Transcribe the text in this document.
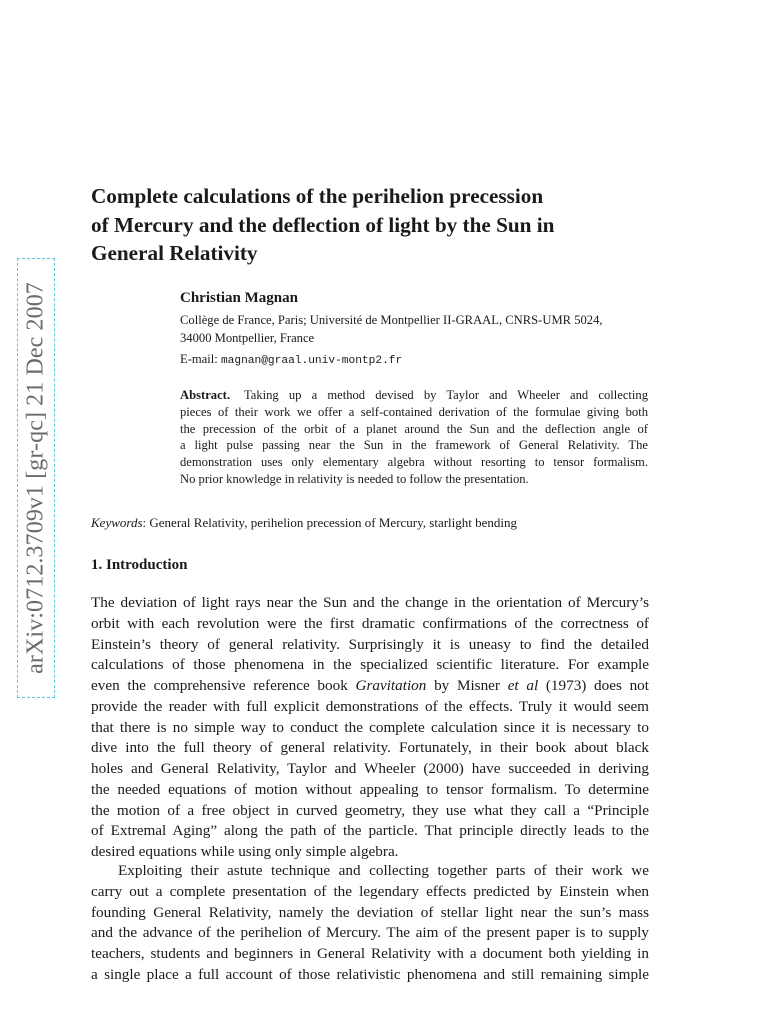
arXiv:0712.3709v1 [gr-qc] 21 Dec 2007
Complete calculations of the perihelion precession
of Mercury and the deflection of light by the Sun in
General Relativity
Christian Magnan
Collège de France, Paris; Université de Montpellier II-GRAAL, CNRS-UMR 5024,
34000 Montpellier, France
E-mail: magnan@graal.univ-montp2.fr
Abstract. Taking up a method devised by Taylor and Wheeler and collecting
pieces of their work we offer a self-contained derivation of the formulae giving both
the precession of the orbit of a planet around the Sun and the deflection angle of
a light pulse passing near the Sun in the framework of General Relativity. The
demonstration uses only elementary algebra without resorting to tensor formalism.
No prior knowledge in relativity is needed to follow the presentation.
Keywords: General Relativity, perihelion precession of Mercury, starlight bending
1. Introduction
The deviation of light rays near the Sun and the change in the orientation of Mercury’s
orbit with each revolution were the first dramatic confirmations of the correctness of
Einstein’s theory of general relativity. Surprisingly it is uneasy to find the detailed
calculations of those phenomena in the specialized scientific literature. For example
even the comprehensive reference book Gravitation by Misner et al (1973) does not
provide the reader with full explicit demonstrations of the effects. Truly it would seem
that there is no simple way to conduct the complete calculation since it is necessary to
dive into the full theory of general relativity. Fortunately, in their book about black
holes and General Relativity, Taylor and Wheeler (2000) have succeeded in deriving
the needed equations of motion without appealing to tensor formalism. To determine
the motion of a free object in curved geometry, they use what they call a “Principle
of Extremal Aging” along the path of the particle. That principle directly leads to the
desired equations while using only simple algebra.
Exploiting their astute technique and collecting together parts of their work we
carry out a complete presentation of the legendary effects predicted by Einstein when
founding General Relativity, namely the deviation of stellar light near the sun’s mass
and the advance of the perihelion of Mercury. The aim of the present paper is to supply
teachers, students and beginners in General Relativity with a document both yielding in
a single place a full account of those relativistic phenomena and still remaining simple
